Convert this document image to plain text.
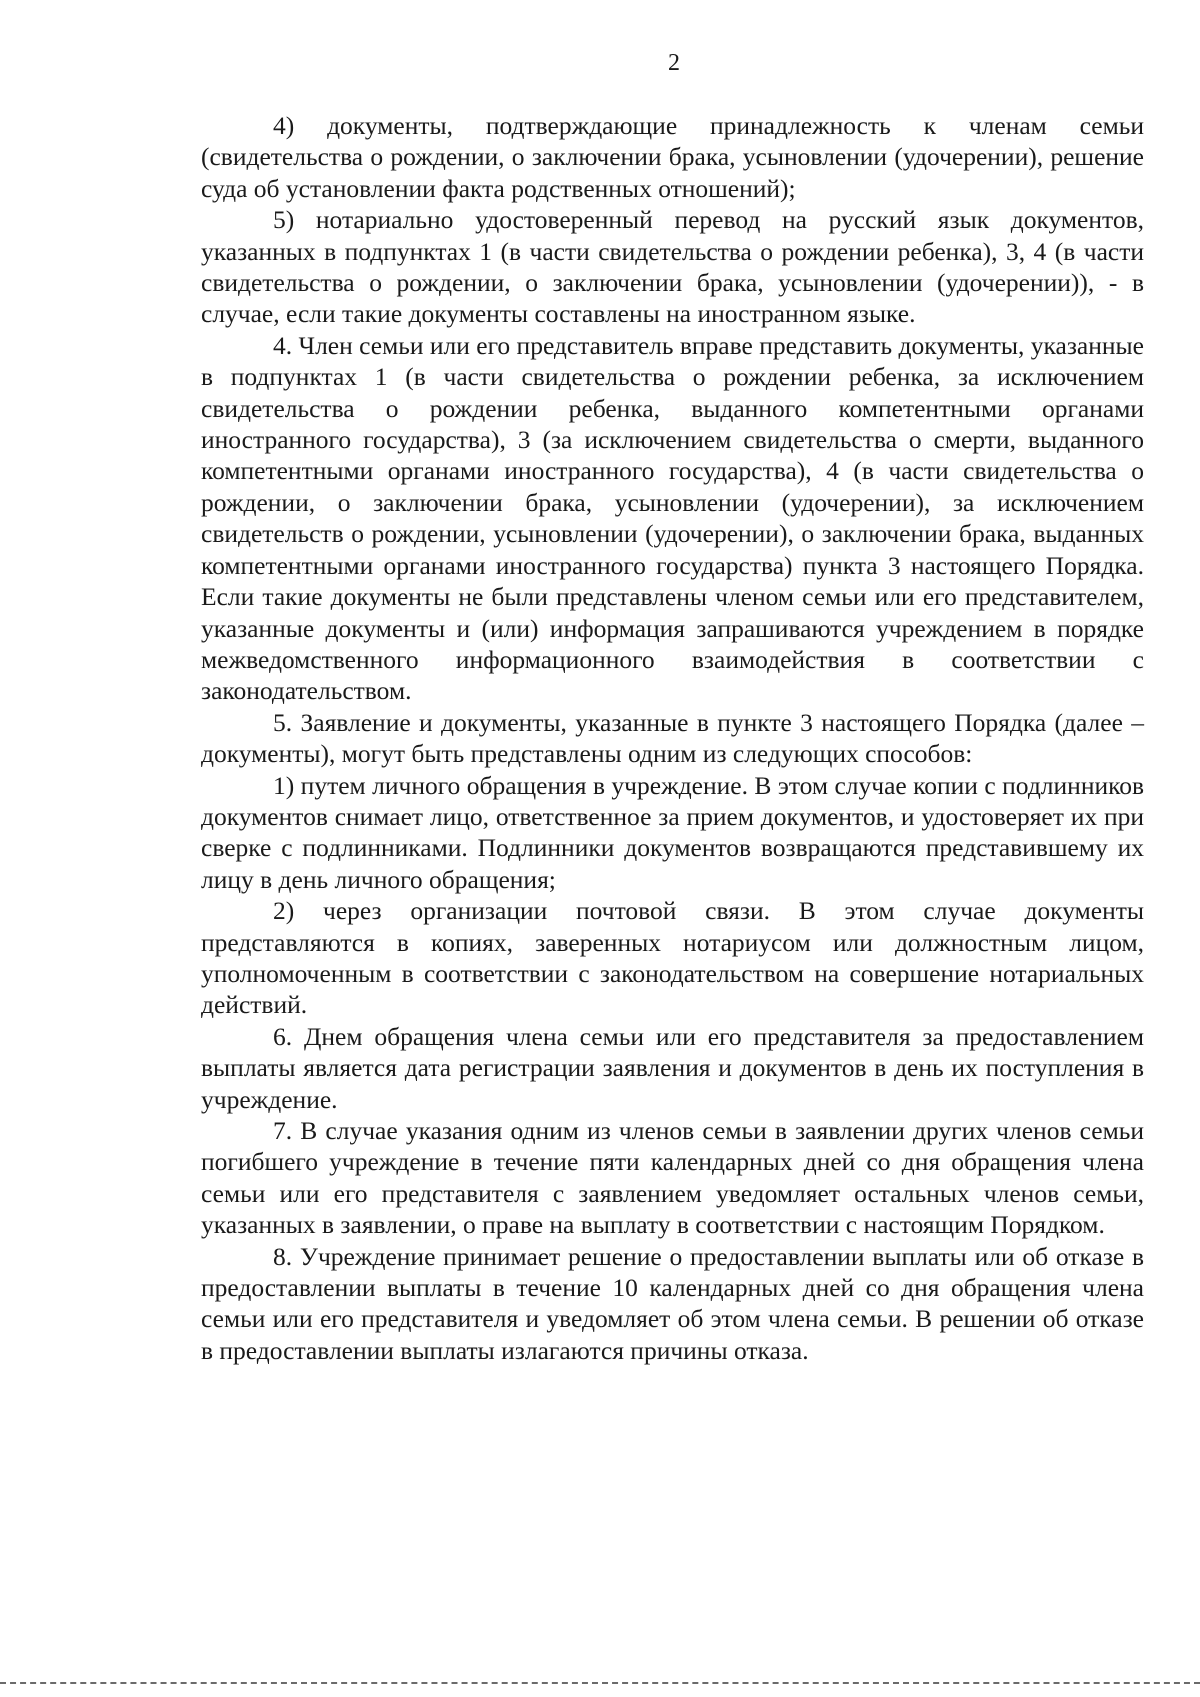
2

4) документы, подтверждающие принадлежность к членам семьи (свидетельства о рождении, о заключении брака, усыновлении (удочерении), решение суда об установлении факта родственных отношений);

5) нотариально удостоверенный перевод на русский язык документов, указанных в подпунктах 1 (в части свидетельства о рождении ребенка), 3, 4 (в части свидетельства о рождении, о заключении брака, усыновлении (удочерении)), - в случае, если такие документы составлены на иностранном языке.

4. Член семьи или его представитель вправе представить документы, указанные в подпунктах 1 (в части свидетельства о рождении ребенка, за исключением свидетельства о рождении ребенка, выданного компетентными органами иностранного государства), 3 (за исключением свидетельства о смерти, выданного компетентными органами иностранного государства), 4 (в части свидетельства о рождении, о заключении брака, усыновлении (удочерении), за исключением свидетельств о рождении, усыновлении (удочерении), о заключении брака, выданных компетентными органами иностранного государства) пункта 3 настоящего Порядка. Если такие документы не были представлены членом семьи или его представителем, указанные документы и (или) информация запрашиваются учреждением в порядке межведомственного информационного взаимодействия в соответствии с законодательством.

5. Заявление и документы, указанные в пункте 3 настоящего Порядка (далее – документы), могут быть представлены одним из следующих способов:

1) путем личного обращения в учреждение. В этом случае копии с подлинников документов снимает лицо, ответственное за прием документов, и удостоверяет их при сверке с подлинниками. Подлинники документов возвращаются представившему их лицу в день личного обращения;

2) через организации почтовой связи. В этом случае документы представляются в копиях, заверенных нотариусом или должностным лицом, уполномоченным в соответствии с законодательством на совершение нотариальных действий.

6. Днем обращения члена семьи или его представителя за предоставлением выплаты является дата регистрации заявления и документов в день их поступления в учреждение.

7. В случае указания одним из членов семьи в заявлении других членов семьи погибшего учреждение в течение пяти календарных дней со дня обращения члена семьи или его представителя с заявлением уведомляет остальных членов семьи, указанных в заявлении, о праве на выплату в соответствии с настоящим Порядком.

8. Учреждение принимает решение о предоставлении выплаты или об отказе в предоставлении выплаты в течение 10 календарных дней со дня обращения члена семьи или его представителя и уведомляет об этом члена семьи. В решении об отказе в предоставлении выплаты излагаются причины отказа.
